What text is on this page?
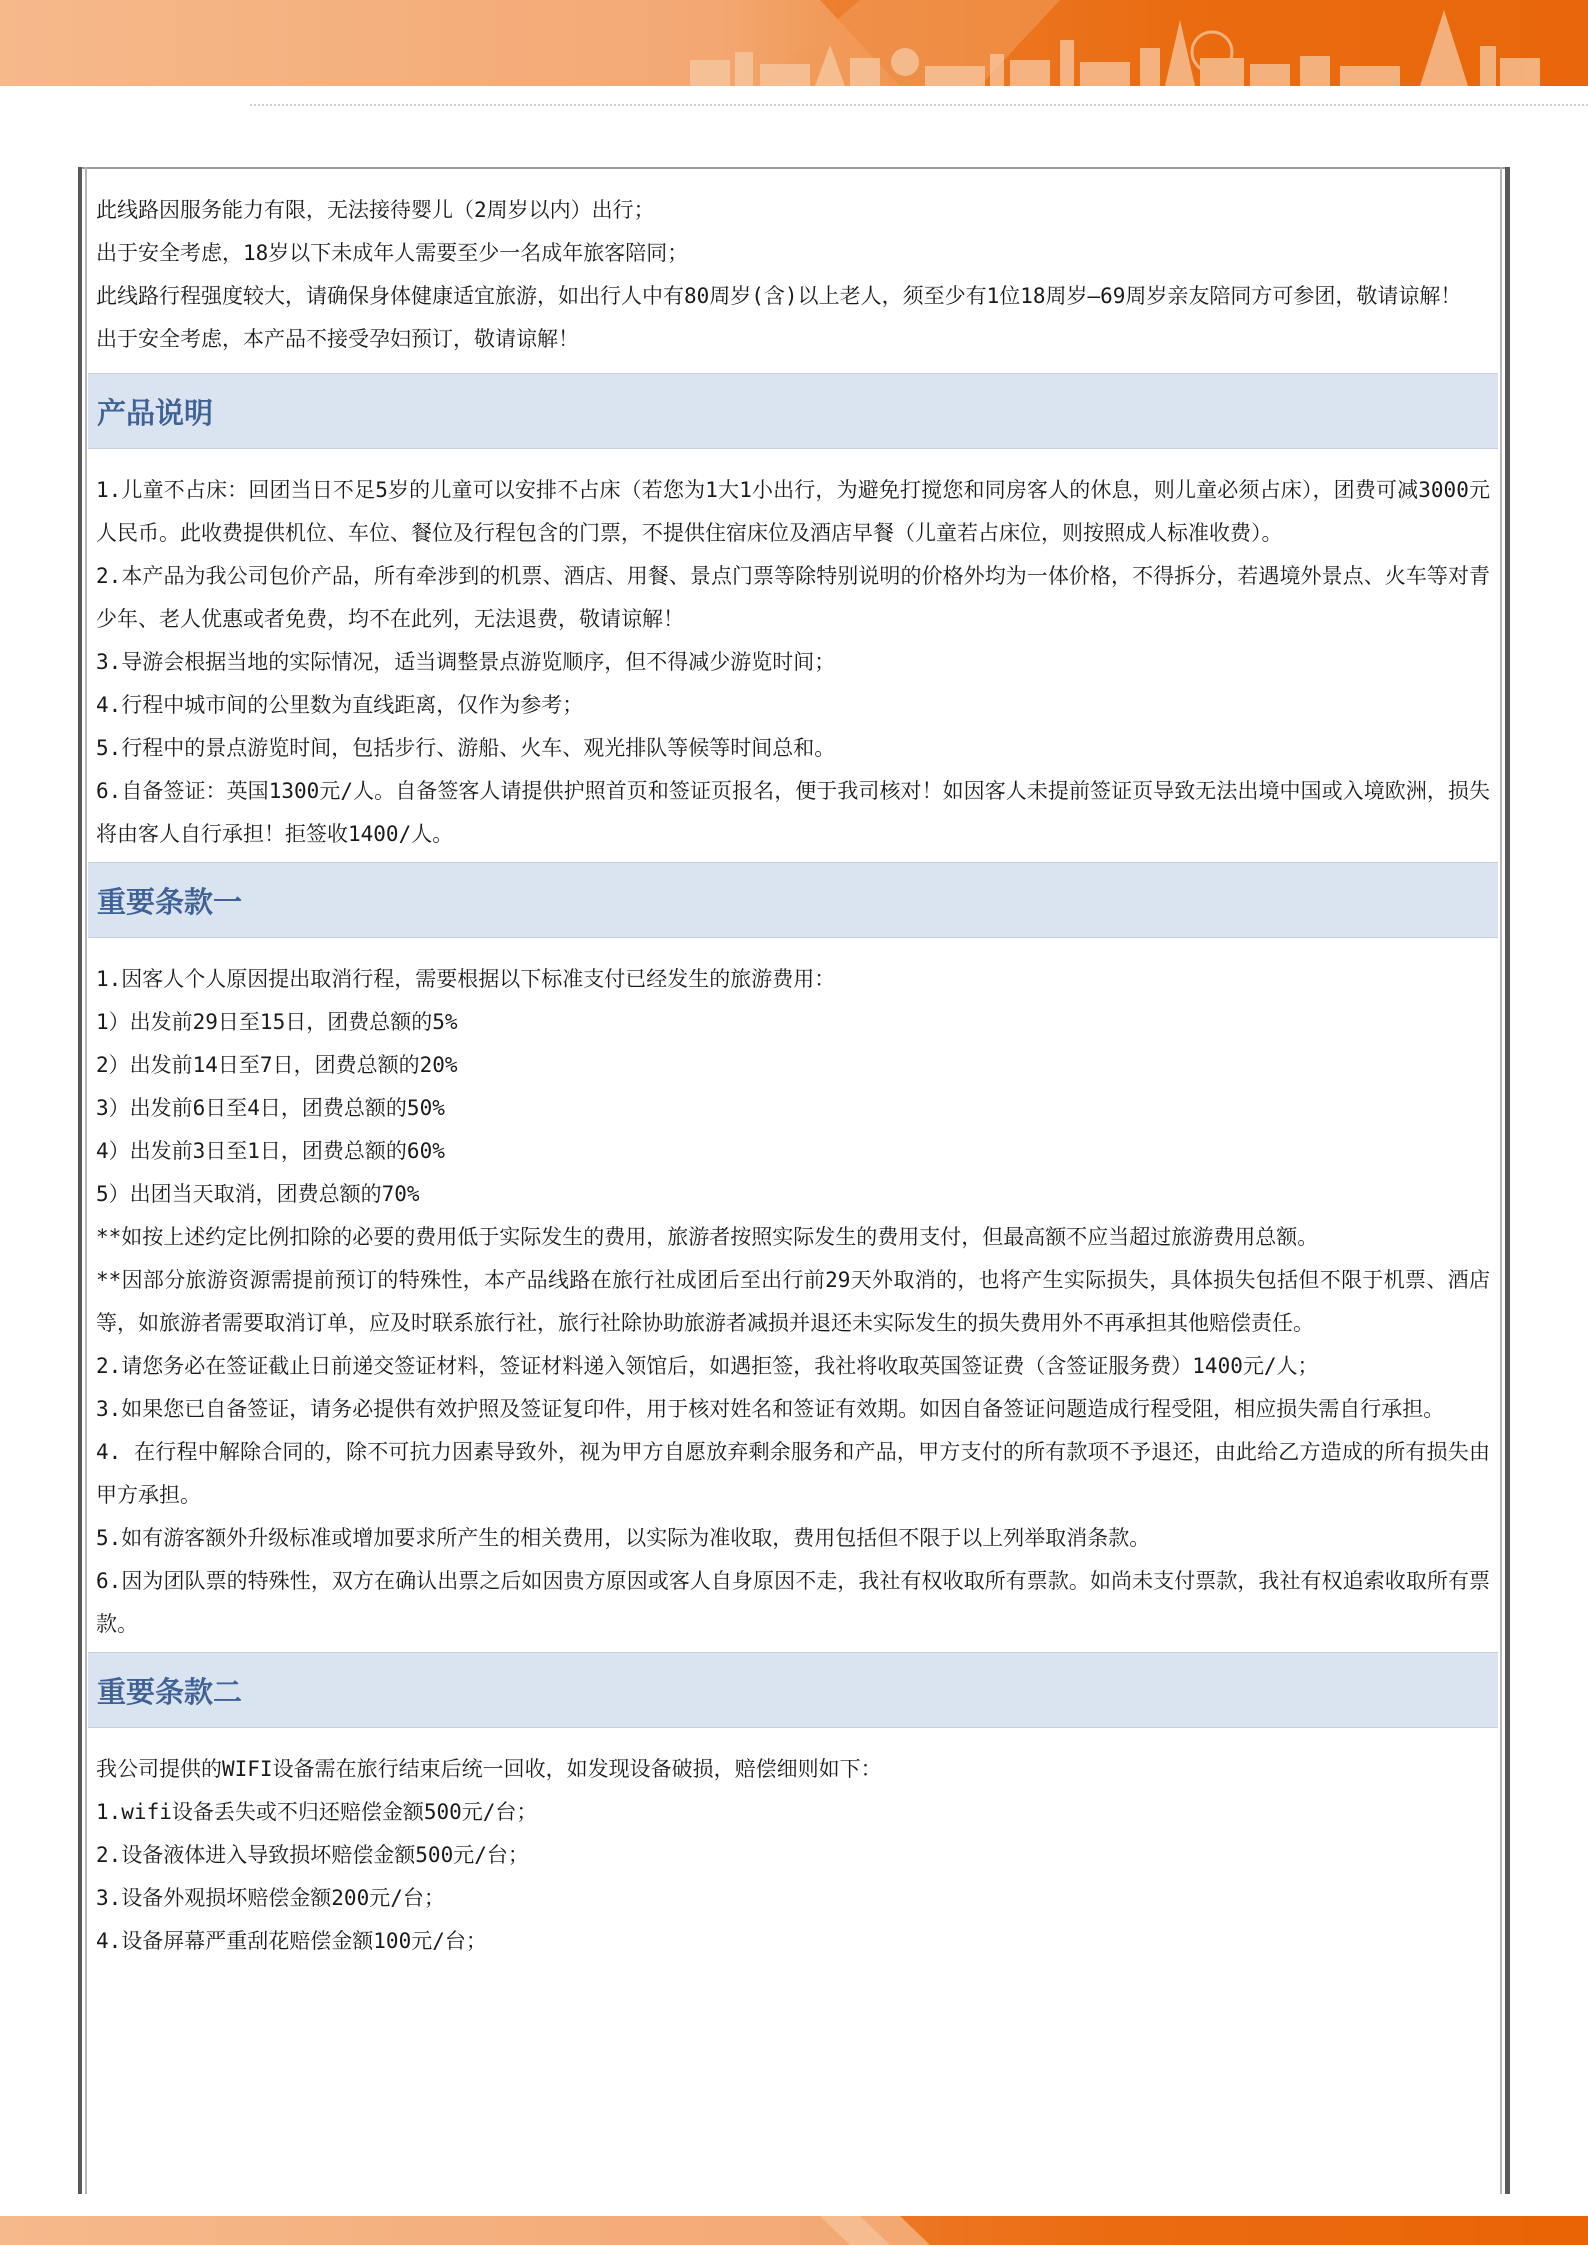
此线路因服务能力有限，无法接待婴儿（2周岁以内）出行；
出于安全考虑，18岁以下未成年人需要至少一名成年旅客陪同；
此线路行程强度较大，请确保身体健康适宜旅游，如出行人中有80周岁(含)以上老人，须至少有1位18周岁—69周岁亲友陪同方可参团，敬请谅解！
出于安全考虑，本产品不接受孕妇预订，敬请谅解！
产品说明
1.儿童不占床：回团当日不足5岁的儿童可以安排不占床（若您为1大1小出行，为避免打搅您和同房客人的休息，则儿童必须占床），团费可减3000元人民币。此收费提供机位、车位、餐位及行程包含的门票，不提供住宿床位及酒店早餐（儿童若占床位，则按照成人标准收费）。
2.本产品为我公司包价产品，所有牵涉到的机票、酒店、用餐、景点门票等除特别说明的价格外均为一体价格，不得拆分，若遇境外景点、火车等对青少年、老人优惠或者免费，均不在此列，无法退费，敬请谅解！
3.导游会根据当地的实际情况，适当调整景点游览顺序，但不得减少游览时间；
4.行程中城市间的公里数为直线距离，仅作为参考；
5.行程中的景点游览时间，包括步行、游船、火车、观光排队等候等时间总和。
6.自备签证：英国1300元/人。自备签客人请提供护照首页和签证页报名，便于我司核对！如因客人未提前签证页导致无法出境中国或入境欧洲，损失将由客人自行承担！拒签收1400/人。
重要条款一
1.因客人个人原因提出取消行程，需要根据以下标准支付已经发生的旅游费用：
1）出发前29日至15日，团费总额的5%
2）出发前14日至7日，团费总额的20%
3）出发前6日至4日，团费总额的50%
4）出发前3日至1日，团费总额的60%
5）出团当天取消，团费总额的70%
**如按上述约定比例扣除的必要的费用低于实际发生的费用，旅游者按照实际发生的费用支付，但最高额不应当超过旅游费用总额。
**因部分旅游资源需提前预订的特殊性，本产品线路在旅行社成团后至出行前29天外取消的，也将产生实际损失，具体损失包括但不限于机票、酒店等，如旅游者需要取消订单，应及时联系旅行社，旅行社除协助旅游者减损并退还未实际发生的损失费用外不再承担其他赔偿责任。
2.请您务必在签证截止日前递交签证材料，签证材料递入领馆后，如遇拒签，我社将收取英国签证费（含签证服务费）1400元/人；
3.如果您已自备签证，请务必提供有效护照及签证复印件，用于核对姓名和签证有效期。如因自备签证问题造成行程受阻，相应损失需自行承担。
4. 在行程中解除合同的，除不可抗力因素导致外，视为甲方自愿放弃剩余服务和产品，甲方支付的所有款项不予退还，由此给乙方造成的所有损失由甲方承担。
5.如有游客额外升级标准或增加要求所产生的相关费用，以实际为准收取，费用包括但不限于以上列举取消条款。
6.因为团队票的特殊性，双方在确认出票之后如因贵方原因或客人自身原因不走，我社有权收取所有票款。如尚未支付票款，我社有权追索收取所有票款。
重要条款二
我公司提供的WIFI设备需在旅行结束后统一回收，如发现设备破损，赔偿细则如下：
1.wifi设备丢失或不归还赔偿金额500元/台；
2.设备液体进入导致损坏赔偿金额500元/台；
3.设备外观损坏赔偿金额200元/台；
4.设备屏幕严重刮花赔偿金额100元/台；
